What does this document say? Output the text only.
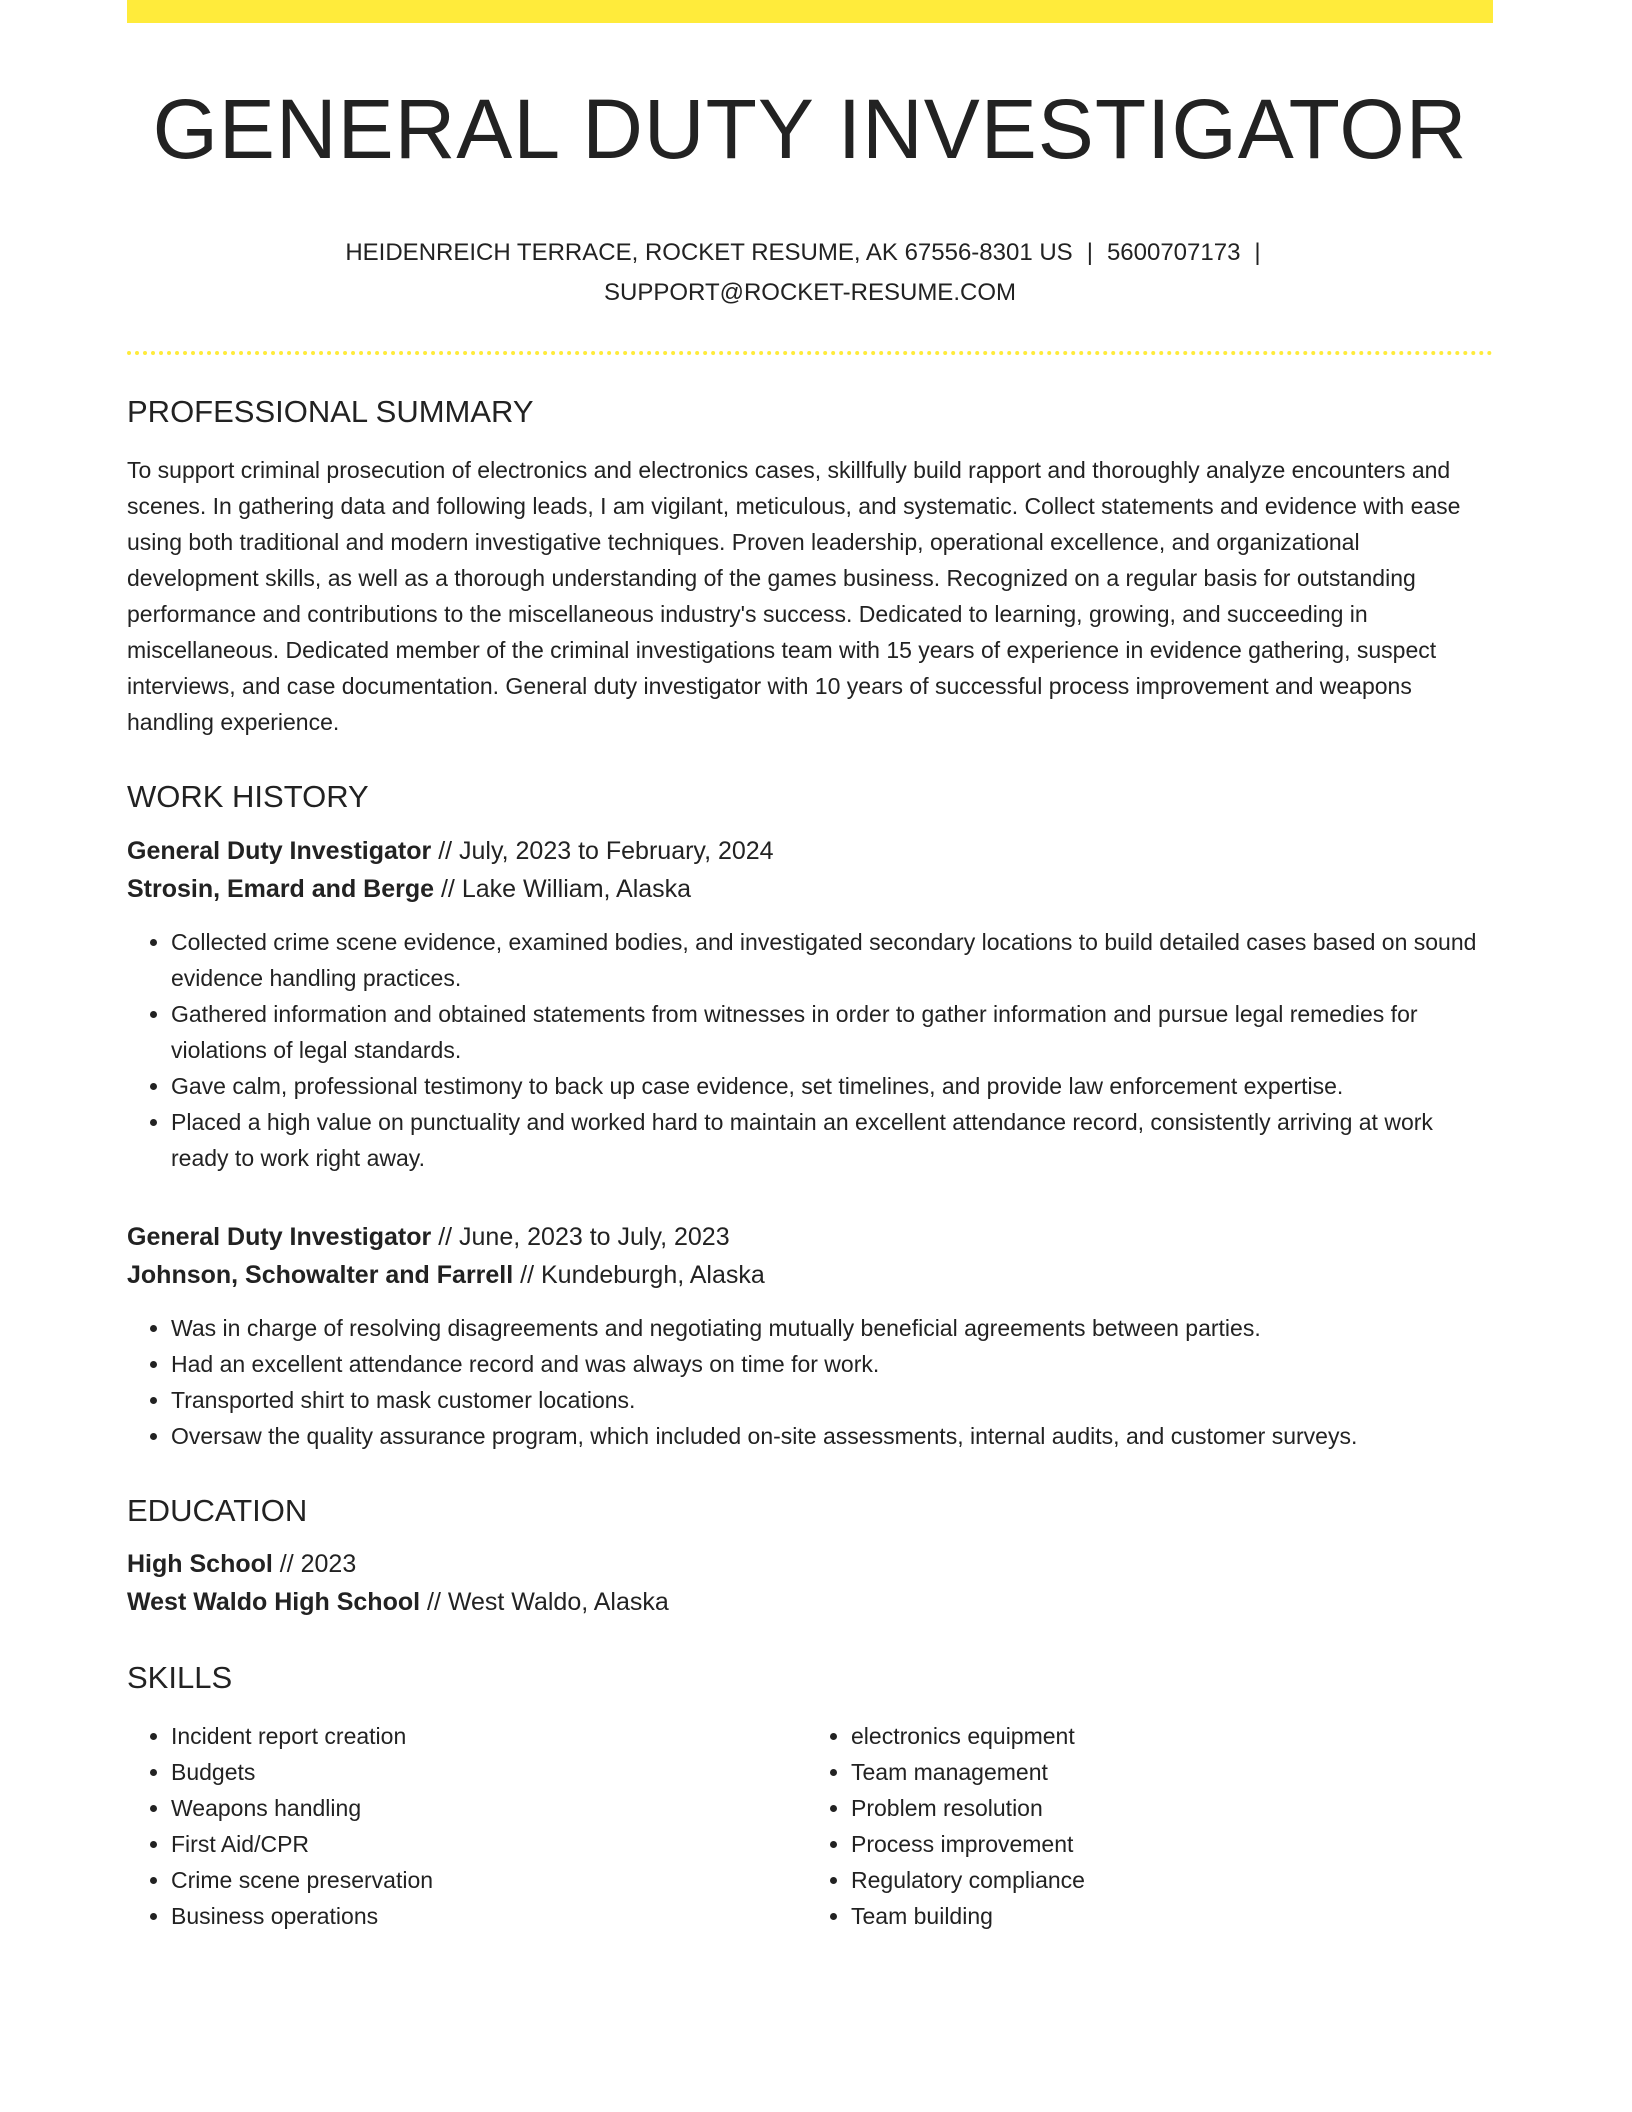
GENERAL DUTY INVESTIGATOR
HEIDENREICH TERRACE, ROCKET RESUME, AK 67556-8301 US | 5600707173 |
SUPPORT@ROCKET-RESUME.COM
PROFESSIONAL SUMMARY

To support criminal prosecution of electronics and electronics cases, skillfully build rapport and thoroughly analyze encounters and scenes. In gathering data and following leads, I am vigilant, meticulous, and systematic. Collect statements and evidence with ease using both traditional and modern investigative techniques. Proven leadership, operational excellence, and organizational development skills, as well as a thorough understanding of the games business. Recognized on a regular basis for outstanding performance and contributions to the miscellaneous industry's success. Dedicated to learning, growing, and succeeding in miscellaneous. Dedicated member of the criminal investigations team with 15 years of experience in evidence gathering, suspect interviews, and case documentation. General duty investigator with 10 years of successful process improvement and weapons handling experience.

WORK HISTORY
General Duty Investigator // July, 2023 to February, 2024
Strosin, Emard and Berge // Lake William, Alaska
• Collected crime scene evidence, examined bodies, and investigated secondary locations to build detailed cases based on sound evidence handling practices.
• Gathered information and obtained statements from witnesses in order to gather information and pursue legal remedies for violations of legal standards.
• Gave calm, professional testimony to back up case evidence, set timelines, and provide law enforcement expertise.
• Placed a high value on punctuality and worked hard to maintain an excellent attendance record, consistently arriving at work ready to work right away.
General Duty Investigator // June, 2023 to July, 2023
Johnson, Schowalter and Farrell // Kundeburgh, Alaska
• Was in charge of resolving disagreements and negotiating mutually beneficial agreements between parties.
• Had an excellent attendance record and was always on time for work.
• Transported shirt to mask customer locations.
• Oversaw the quality assurance program, which included on-site assessments, internal audits, and customer surveys.
EDUCATION
High School // 2023
West Waldo High School // West Waldo, Alaska
SKILLS
• Incident report creation
• Budgets
• Weapons handling
• First Aid/CPR
• Crime scene preservation
• Business operations
• electronics equipment
• Team management
• Problem resolution
• Process improvement
• Regulatory compliance
• Team building
